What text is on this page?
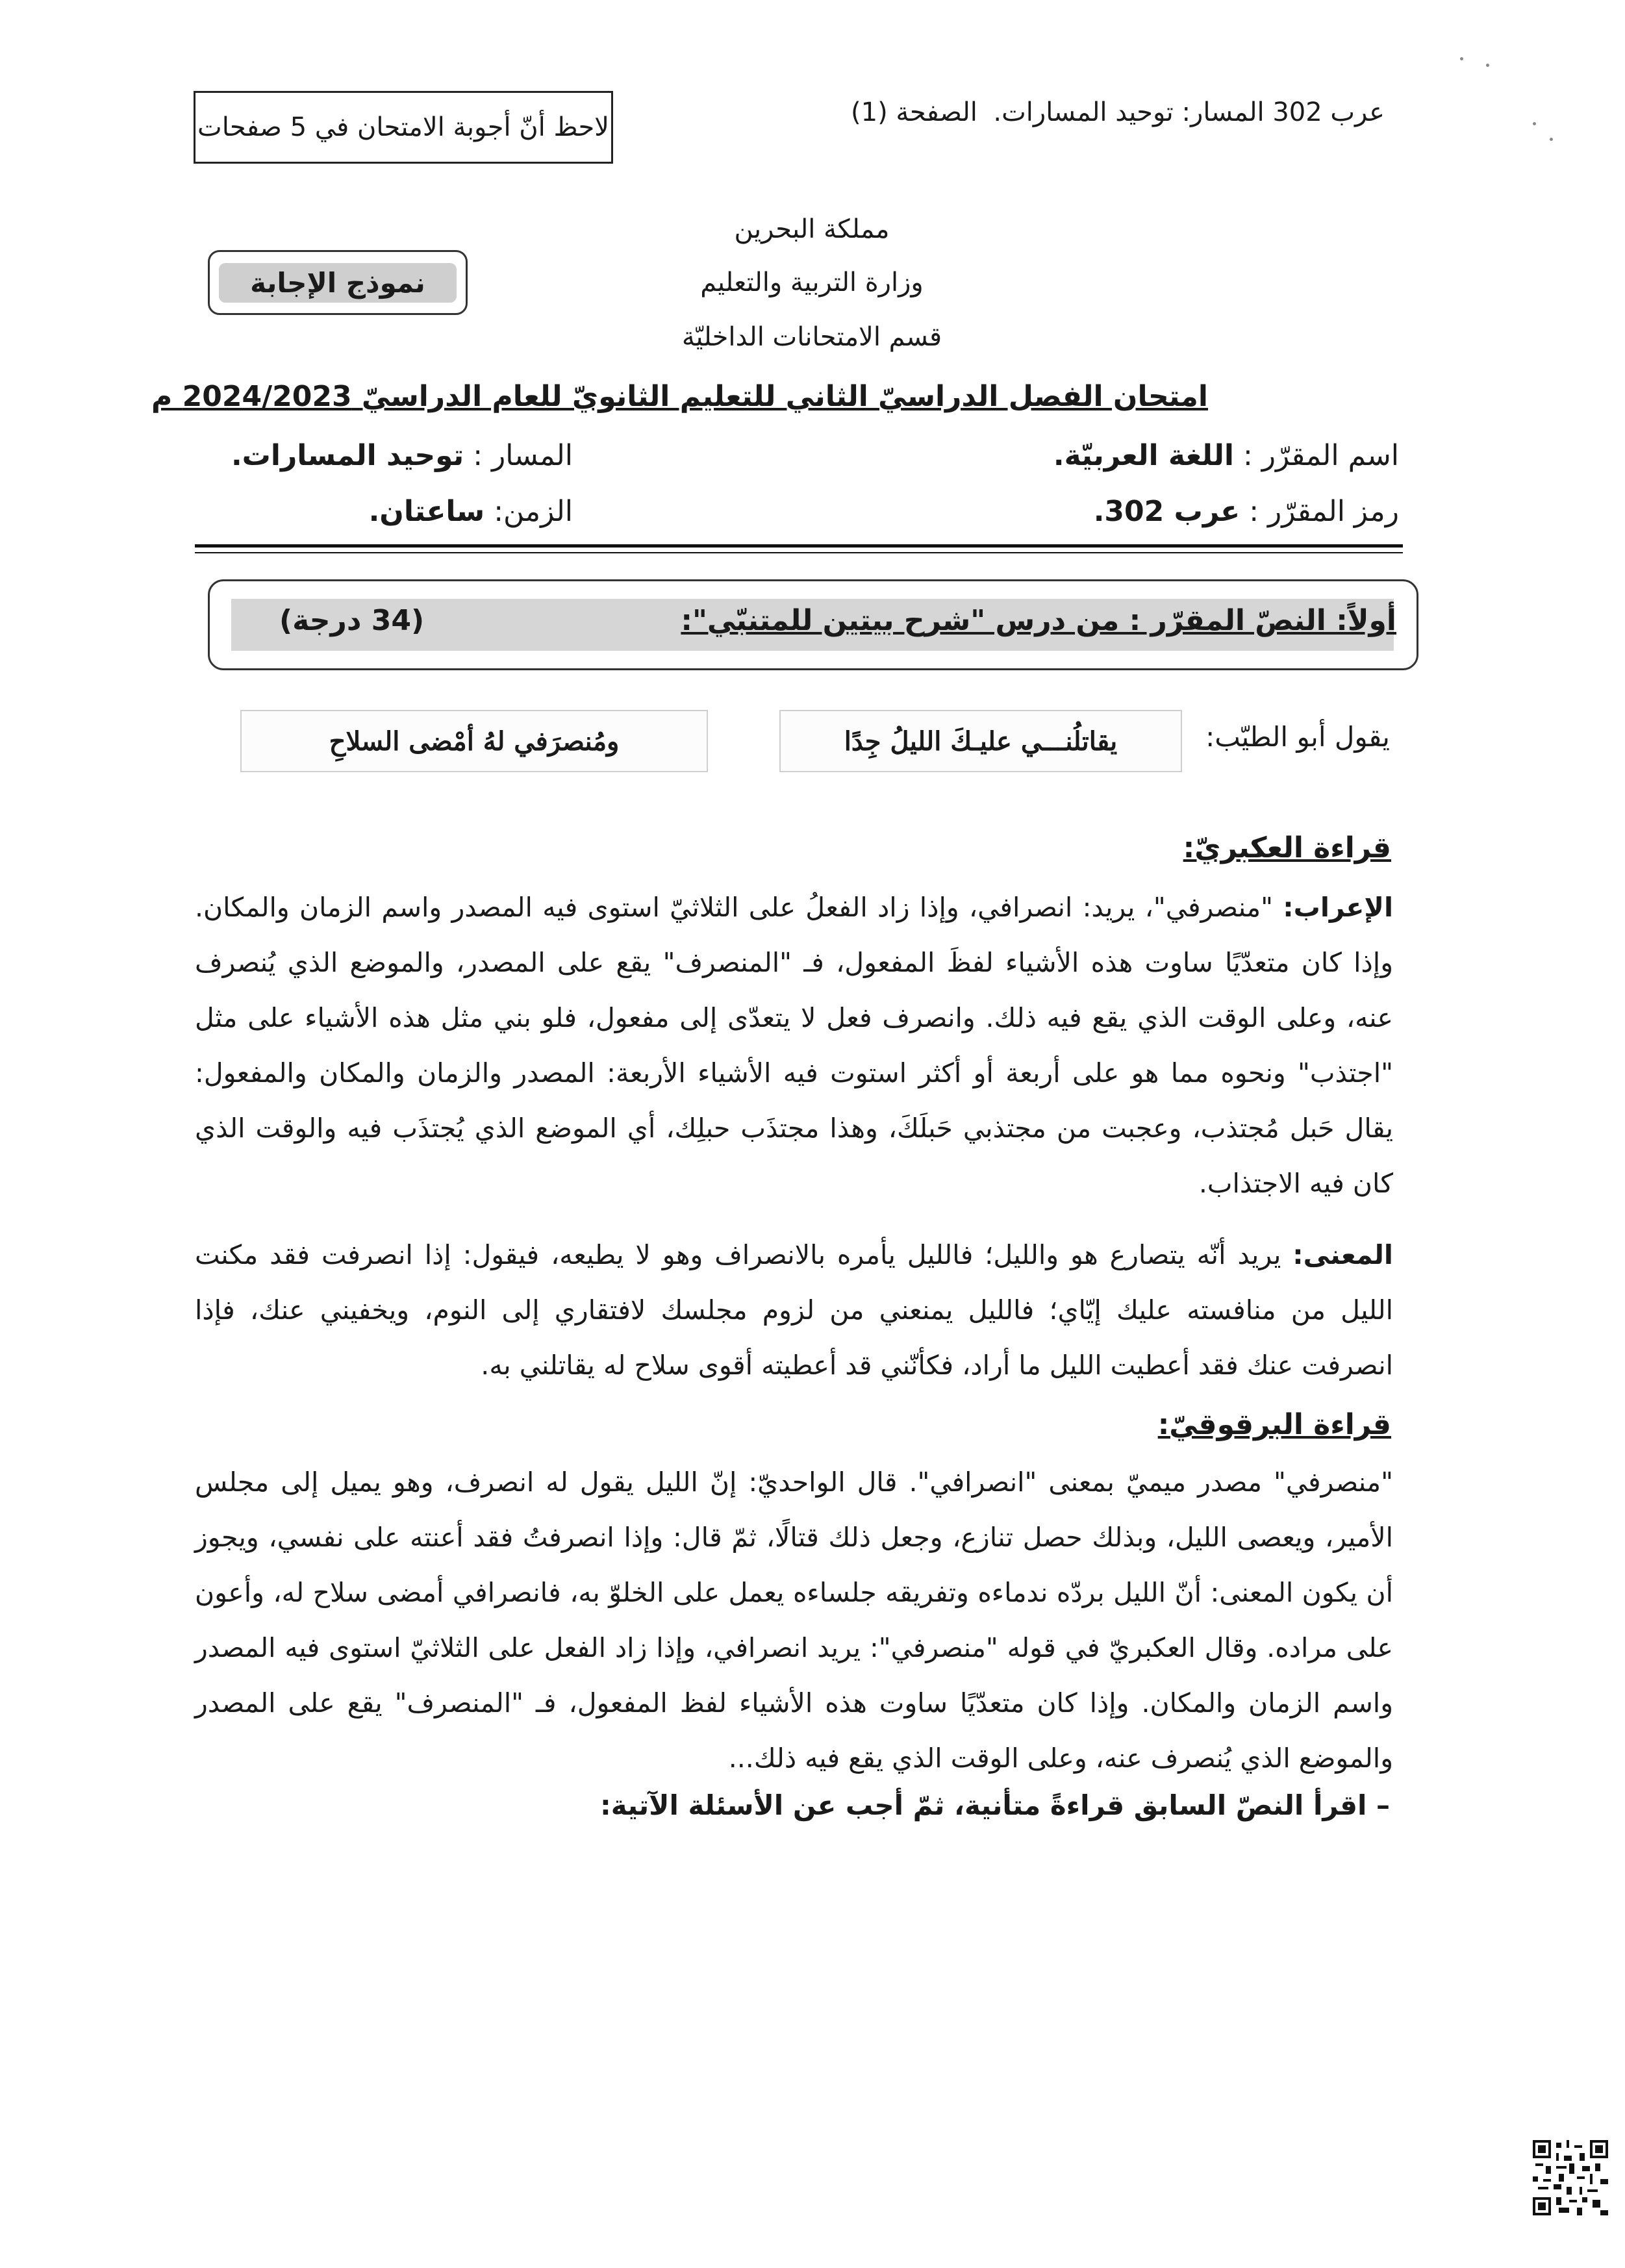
عرب 302 المسار: توحيد المسارات.
الصفحة (1)
لاحظ أنّ أجوبة الامتحان في 5 صفحات
مملكة البحرين
وزارة التربية والتعليم
قسم الامتحانات الداخليّة
نموذج الإجابة
امتحان الفصل الدراسيّ الثاني للتعليم الثانويّ للعام الدراسيّ 2024/2023 م
اسم المقرّر : اللغة العربيّة.
المسار : توحيد المسارات.
رمز المقرّر : عرب 302.
الزمن: ساعتان.
أولاً: النصّ المقرّر : من درس "شرح بيتين للمتنبّي":
(34 درجة)
يقول أبو الطيّب:
يقاتلُنـــي عليـكَ الليلُ جِدًا
ومُنصرَفي لهُ أمْضى السلاحِ
قراءة العكبريّ:
الإعراب: "منصرفي"، يريد: انصرافي، وإذا زاد الفعلُ على الثلاثيّ استوى فيه المصدر واسم الزمان والمكان. وإذا كان متعدّيًا ساوت هذه الأشياء لفظَ المفعول، فـ "المنصرف" يقع على المصدر، والموضع الذي يُنصرف عنه، وعلى الوقت الذي يقع فيه ذلك. وانصرف فعل لا يتعدّى إلى مفعول، فلو بني مثل هذه الأشياء على مثل "اجتذب" ونحوه مما هو على أربعة أو أكثر استوت فيه الأشياء الأربعة: المصدر والزمان والمكان والمفعول: يقال حَبل مُجتذب، وعجبت من مجتذبي حَبلَكَ، وهذا مجتذَب حبلِك، أي الموضع الذي يُجتذَب فيه والوقت الذي كان فيه الاجتذاب.
المعنى: يريد أنّه يتصارع هو والليل؛ فالليل يأمره بالانصراف وهو لا يطيعه، فيقول: إذا انصرفت فقد مكنت الليل من منافسته عليك إيّاي؛ فالليل يمنعني من لزوم مجلسك لافتقاري إلى النوم، ويخفيني عنك، فإذا انصرفت عنك فقد أعطيت الليل ما أراد، فكأنّني قد أعطيته أقوى سلاح له يقاتلني به.
قراءة البرقوقيّ:
"منصرفي" مصدر ميميّ بمعنى "انصرافي". قال الواحديّ: إنّ الليل يقول له انصرف، وهو يميل إلى مجلس الأمير، ويعصى الليل، وبذلك حصل تنازع، وجعل ذلك قتالًا، ثمّ قال: وإذا انصرفتُ فقد أعنته على نفسي، ويجوز أن يكون المعنى: أنّ الليل بردّه ندماءه وتفريقه جلساءه يعمل على الخلوّ به، فانصرافي أمضى سلاح له، وأعون على مراده. وقال العكبريّ في قوله "منصرفي": يريد انصرافي، وإذا زاد الفعل على الثلاثيّ استوى فيه المصدر واسم الزمان والمكان. وإذا كان متعدّيًا ساوت هذه الأشياء لفظ المفعول، فـ "المنصرف" يقع على المصدر والموضع الذي يُنصرف عنه، وعلى الوقت الذي يقع فيه ذلك...
– اقرأ النصّ السابق قراءةً متأنية، ثمّ أجب عن الأسئلة الآتية:
